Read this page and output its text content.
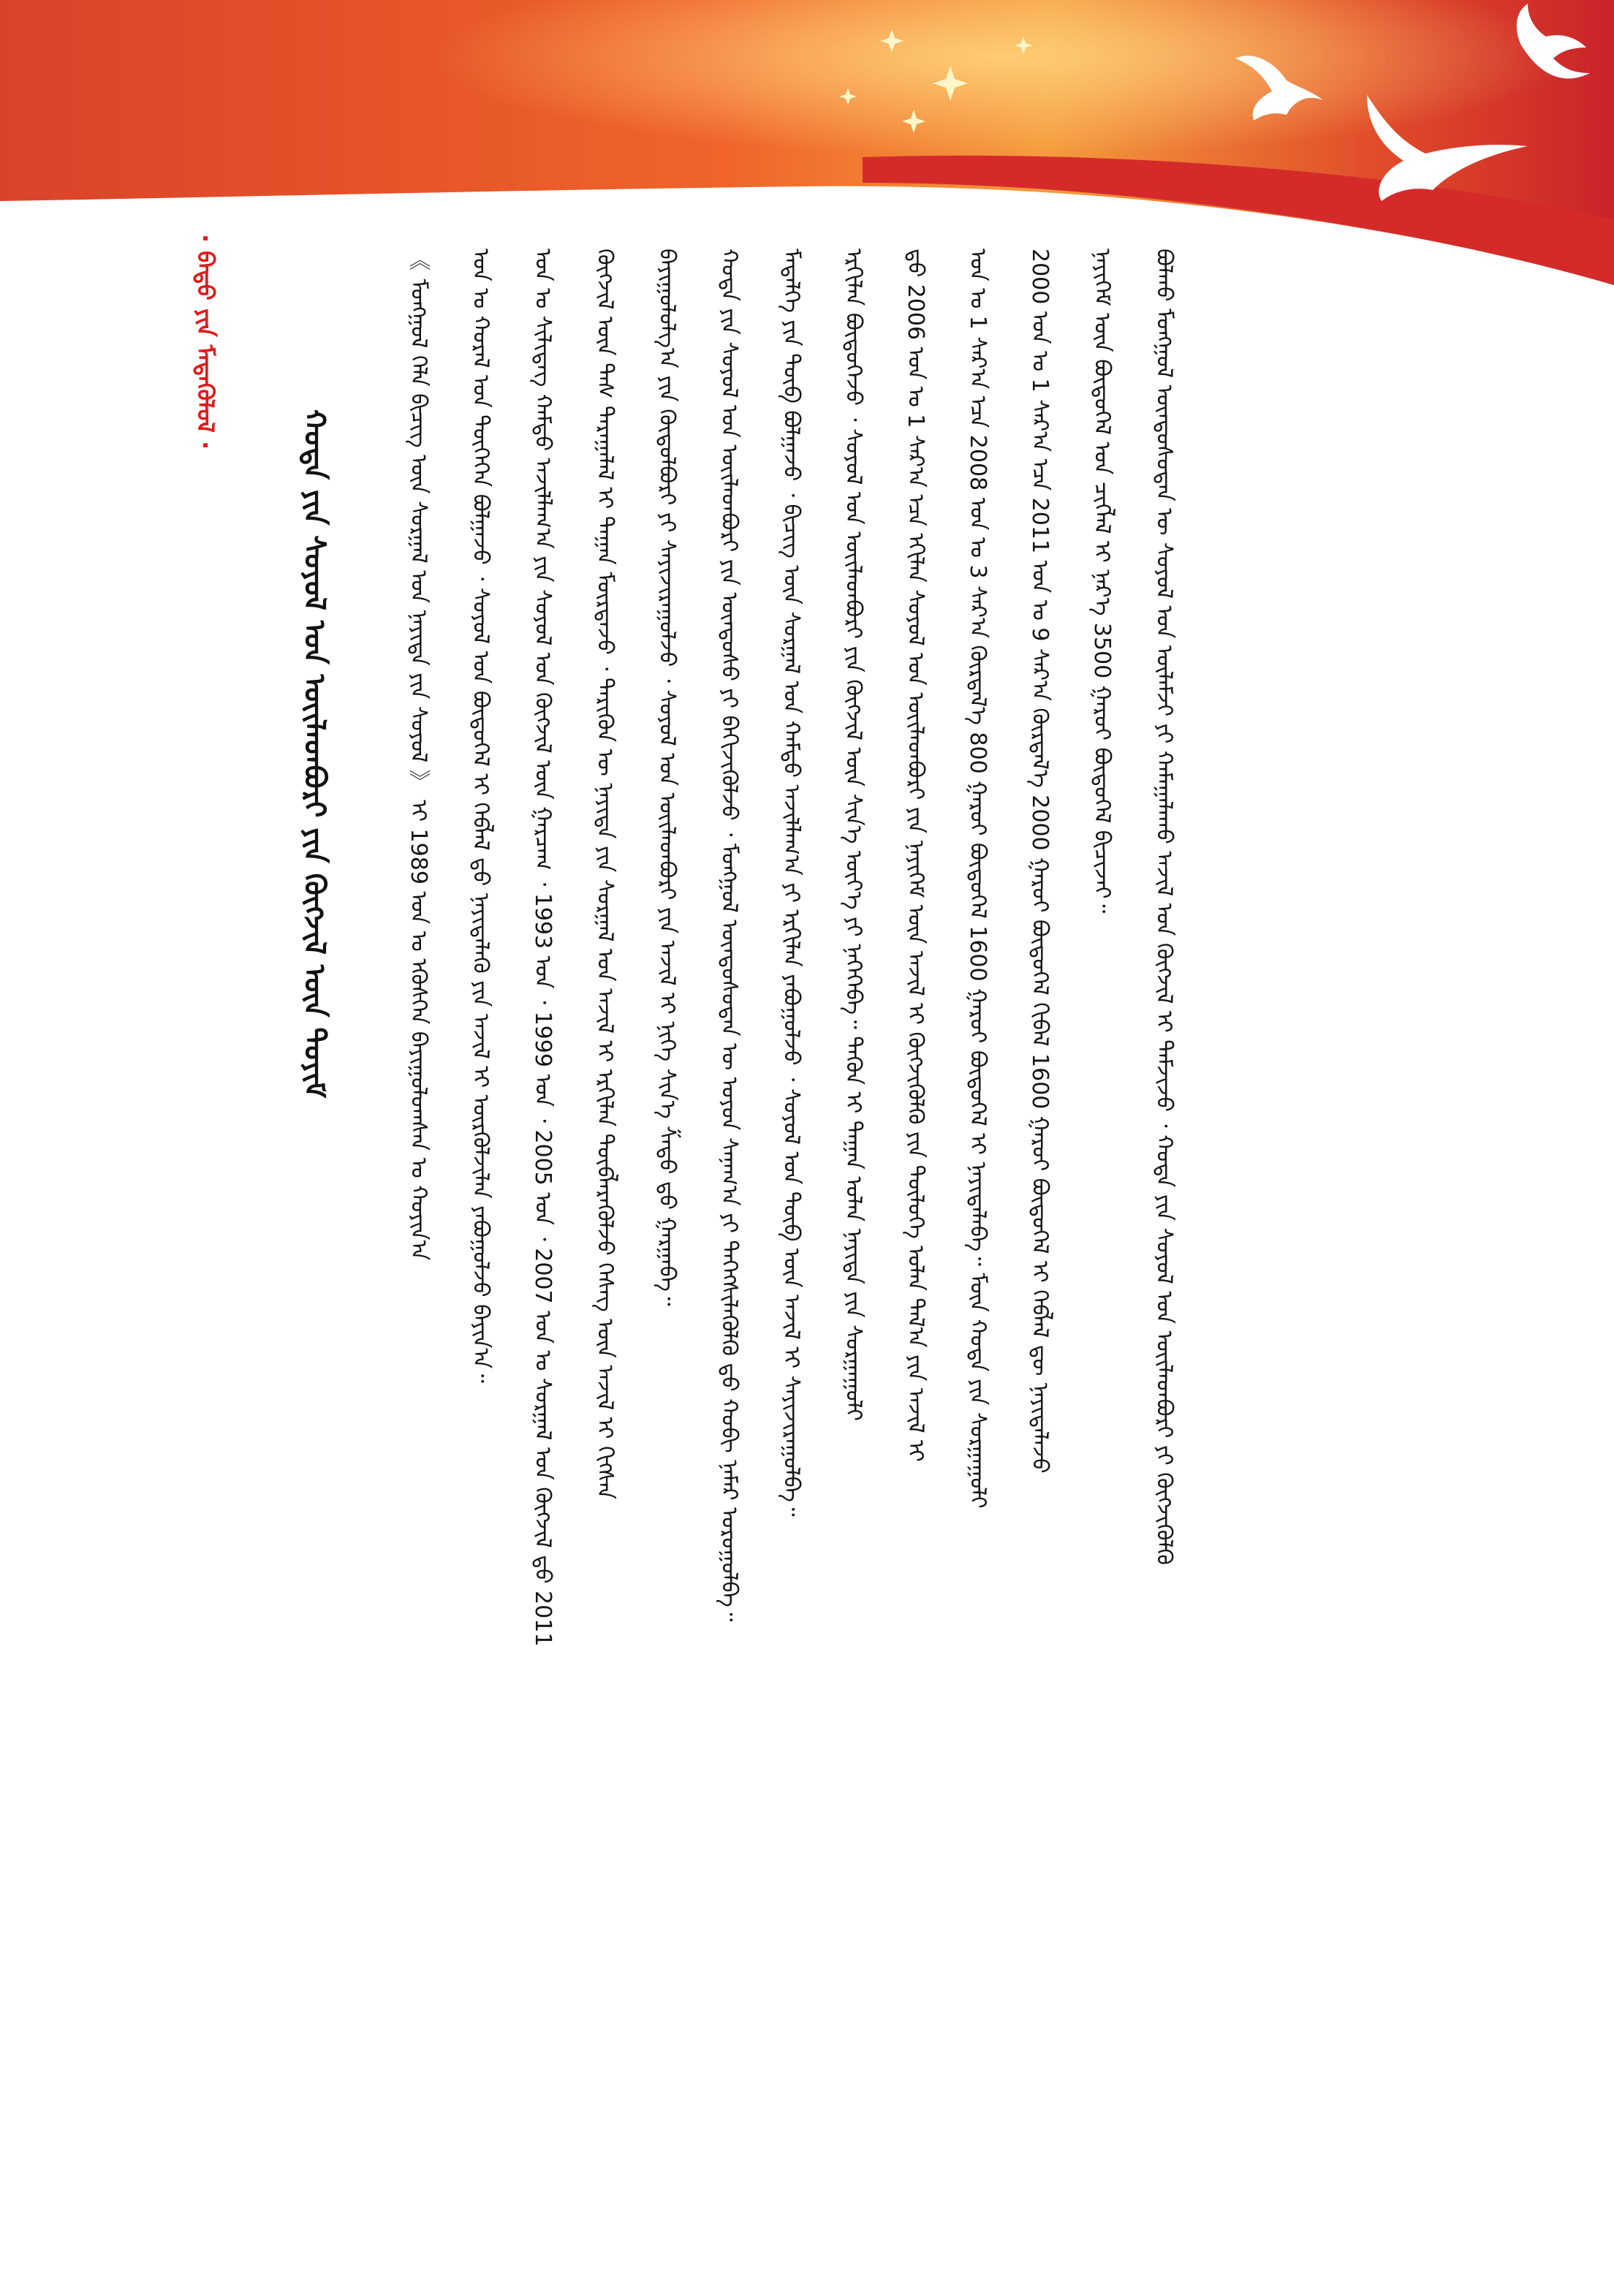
《 ᠮᠣᠩᠭᠣᠯ ᠬᠡᠯᠡ ᠪᠢᠴᠢᠭ᠌ ᠦᠨ ᠰᠤᠷᠭᠠᠯ ᠤᠨ ᠨᠡᠶᠢᠲᠡ ᠶᠢᠨ ᠰᠣᠶᠣᠯ 》 ᠢ 1989 ᠣᠨ ᠤ ᠡᠭᠦᠰᠭᠡᠨ ᠪᠠᠶᠢᠭᠤᠯᠤᠭᠰᠠᠨ ᠤ ᠬᠣᠶᠢᠨ᠎ᠠ	ᠣᠨ ᠤ ᠬᠤᠷᠠᠯ ᠤᠨ ᠲᠥᠭᠡᠭᠡᠨ ᠪᠣᠯᠭᠠᠵᠤ ᠂ ᠰᠣᠶᠣᠯ ᠤᠨ ᠪᠦᠲᠦᠭᠡᠯ ᠢ ᠬᠡᠪᠯᠡᠯ ᠳ᠋ᠦ ᠨᠡᠶᠢᠲᠡᠯᠡᠬᠦ ᠶᠢᠨ ᠠᠵᠢᠯ ᠢ ᠦᠷᠭᠦᠯᠵᠢᠯᠡᠨ ᠶᠠᠪᠤᠭᠤᠯᠵᠤ ᠪᠠᠶᠢᠨ᠎ᠠ᠃	ᠣᠨ ᠤ ᠰᠢᠯᠢᠳᠡᠭ ᠬᠠᠮᠲᠤ ᠠᠵᠢᠯᠯᠠᠭ᠎ᠠ ᠶᠢᠨ ᠰᠣᠶᠣᠯ ᠤᠨ ᠬᠥᠭᠵᠢᠯ ᠦᠨ ᠭᠠᠷᠴᠠᠭ ᠂ 1993 ᠣᠨ ᠂ 1999 ᠣᠨ ᠂ 2005 ᠣᠨ ᠂ 2007 ᠣᠨ ᠤ ᠰᠤᠷᠭᠠᠯ ᠤᠨ ᠬᠥᠭᠵᠢᠯ ᠳ᠋ᠦ 2011	ᠬᠥᠭᠵᠢᠯ ᠦᠨ ᠳᠡᠰ ᠳᠠᠷᠠᠭᠠᠯᠠᠯ ᠢ ᠳᠠᠭᠠᠨ ᠮᠥᠷᠳᠡᠵᠦ ᠂ ᠲᠡᠷᠢᠭᠦᠨ ᠦ ᠨᠡᠶᠢᠲᠡ ᠶᠢᠨ ᠰᠤᠷᠭᠠᠯ ᠤᠨ ᠠᠵᠢᠯ ᠢ ᠡᠷᠬᠢᠯᠡᠨ ᠲᠥᠪᠯᠡᠷᠡᠭᠦᠯᠵᠦ ᠬᠡᠰᠡᠭ ᠦᠨ ᠠᠵᠢᠯ ᠢ ᠬᠢᠭᠰᠡᠨ	ᠪᠠᠶᠢᠭᠤᠯᠤᠯᠭ᠎ᠠ ᠶᠢᠨ ᠬᠥᠲᠦᠯᠪᠦᠷᠢ ᠶᠢ ᠰᠠᠶᠢᠵᠢᠷᠠᠭᠤᠯᠵᠤ ᠂ ᠰᠣᠶᠣᠯ ᠤᠨ ᠦᠢᠯᠡᠳᠪᠦᠷᠢ ᠶᠢᠨ ᠠᠵᠢᠯ ᠢ ᠨᠢᠭᠡ ᠰᠢᠨ᠎ᠡ ᠱᠠᠲᠤ ᠳ᠋ᠤ ᠭᠠᠷᠭᠠᠪᠠ᠃	ᠬᠣᠲᠠ ᠶᠢᠨ ᠰᠣᠶᠣᠯ ᠤᠨ ᠦᠢᠯᠡᠳᠪᠦᠷᠢ ᠶᠢᠨ ᠦᠨᠳᠦᠰᠦ ᠶᠢ ᠪᠡᠬᠢᠵᠢᠭᠦᠯᠵᠦ ᠂ ᠮᠣᠩᠭᠣᠯ ᠦᠨᠳᠦᠰᠦᠲᠡᠨ ᠦ ᠣᠶᠤᠨ ᠰᠠᠨᠠᠭ᠎ᠠ ᠶᠢ ᠳᠡᠭᠡᠭᠰᠢᠯᠡᠭᠦᠯᠬᠦ ᠳ᠋ᠦ ᠬᠤᠪᠢ ᠨᠡᠮᠡᠷ ᠣᠷᠣᠭᠤᠯᠪᠠ᠃	ᠮᠡᠳᠡᠯᠭᠡ ᠶᠢᠨ ᠲᠦᠪ ᠪᠣᠯᠭᠠᠵᠤ ᠂ ᠪᠢᠴᠢᠭ᠌ ᠦᠨ ᠰᠤᠷᠭᠠᠯ ᠤᠨ ᠬᠠᠮᠲᠤ ᠠᠵᠢᠯᠯᠠᠭ᠎ᠠ ᠶᠢ ᠡᠷᠬᠢᠯᠡᠨ ᠶᠠᠪᠤᠭᠤᠯᠵᠤ ᠂ ᠰᠣᠶᠣᠯ ᠤᠨ ᠲᠥᠪ ᠦᠨ ᠠᠵᠢᠯ ᠢ ᠰᠠᠶᠢᠵᠢᠷᠠᠭᠤᠯᠪᠠ᠃	ᠡᠷᠬᠢᠯᠡᠨ ᠪᠦᠲᠦᠭᠡᠵᠦ ᠂ ᠰᠣᠶᠣᠯ ᠤᠨ ᠦᠢᠯᠡᠳᠪᠦᠷᠢ ᠶᠢᠨ ᠬᠥᠭᠵᠢᠯ ᠦᠨ ᠰᠢᠨ᠎ᠡ ᠦᠶ᠎ᠡ ᠶᠢ ᠨᠡᠭᠡᠭᠡᠪᠡ᠃ ᠲᠡᠭᠦᠨ ᠢ ᠳᠠᠭᠠᠨ ᠣᠯᠠᠨ ᠨᠡᠶᠢᠲᠡ ᠶᠢᠨ ᠰᠤᠷᠭᠠᠭᠤᠯᠢ	ᠳ᠋ᠤ 2006 ᠣᠨ ᠤ 1 ᠰᠠᠷ᠎ᠠ ᠡᠴᠡ ᠡᠬᠢᠯᠡᠨ ᠰᠣᠶᠣᠯ ᠤᠨ ᠦᠢᠯᠡᠳᠪᠦᠷᠢ ᠶᠢᠨ ᠨᠡᠶᠢᠭᠡᠮ ᠦᠨ ᠠᠵᠢᠯ ᠢ ᠬᠥᠭᠵᠢᠭᠦᠯᠬᠦ ᠶᠢᠨ ᠲᠥᠯᠦᠭᠡ ᠣᠯᠠᠨ ᠲᠠᠯ᠎ᠠ ᠶᠢᠨ ᠠᠵᠢᠯ ᠢ	ᠣᠨ ᠤ 1 ᠰᠠᠷ᠎ᠠ ᠡᠴᠡ 2008 ᠣᠨ ᠤ 3 ᠰᠠᠷ᠎ᠠ ᠬᠦᠷᠲᠡᠯ᠎ᠡ 800 ᠭᠠᠷᠤᠢ ᠪᠦᠲᠦᠭᠡᠯ 1600 ᠭᠠᠷᠤᠢ ᠪᠦᠲᠦᠭᠡᠯ ᠢ ᠨᠡᠶᠢᠲᠡᠯᠡᠪᠡ᠃ ᠮᠥᠨ ᠬᠣᠲᠠ ᠶᠢᠨ ᠰᠤᠷᠭᠠᠭᠤᠯᠢ	2000 ᠣᠨ ᠤ 1 ᠰᠠᠷ᠎ᠠ ᠡᠴᠡ 2011 ᠣᠨ ᠤ 9 ᠰᠠᠷ᠎ᠠ ᠬᠦᠷᠲᠡᠯ᠎ᠡ 2000 ᠭᠠᠷᠤᠢ ᠪᠦᠲᠦᠭᠡᠯ ᠬᠢᠪᠡᠯ 1600 ᠭᠠᠷᠤᠢ ᠪᠦᠲᠦᠭᠡᠯ ᠢ ᠬᠡᠪᠯᠡᠯ ᠳᠦ ᠨᠡᠶᠢᠲᠡᠯᠡᠵᠦ	ᠨᠡᠶᠢᠭᠡᠮ ᠦᠨ ᠪᠦᠲᠦᠭᠡᠯ ᠤᠨ ᠴᠢᠭᠯᠡᠯ ᠢ ᠨᠡᠷ᠎ᠡ 3500 ᠭᠠᠷᠤᠢ ᠪᠦᠲᠦᠭᠡᠯ ᠪᠢᠴᠢᠵᠡᠢ᠃	ᠪᠣᠯᠬᠤ ᠮᠣᠩᠭᠣᠯ ᠦᠨᠳᠦᠰᠦᠲᠡᠨ ᠦ ᠰᠣᠶᠣᠯ ᠤᠨ ᠦᠯᠡᠮᠵᠢ ᠶᠢ ᠬᠠᠮᠠᠭᠠᠯᠠᠬᠤ ᠠᠵᠢᠯ ᠤᠨ ᠬᠥᠭᠵᠢᠯ ᠢ ᠳᠡᠮᠵᠢᠵᠦ ᠂ ᠬᠣᠲᠠ ᠶᠢᠨ ᠰᠣᠶᠣᠯ ᠤᠨ ᠦᠢᠯᠡᠳᠪᠦᠷᠢ ᠶᠢ ᠬᠥᠭᠵᠢᠭᠦᠯᠬᠦ
ᠬᠣᠲᠠ ᠶᠢᠨ ᠰᠣᠶᠣᠯ ᠤᠨ ᠦᠢᠯᠡᠳᠪᠦᠷᠢ ᠶᠢᠨ ᠬᠥᠭᠵᠢᠯ ᠦᠨ ᠲᠣᠶᠢᠮ
· ᠪᠠᠲᠤ ᠶᠢᠨ ᠮᠡᠳᠡᠭᠦᠯᠦᠯ ·
